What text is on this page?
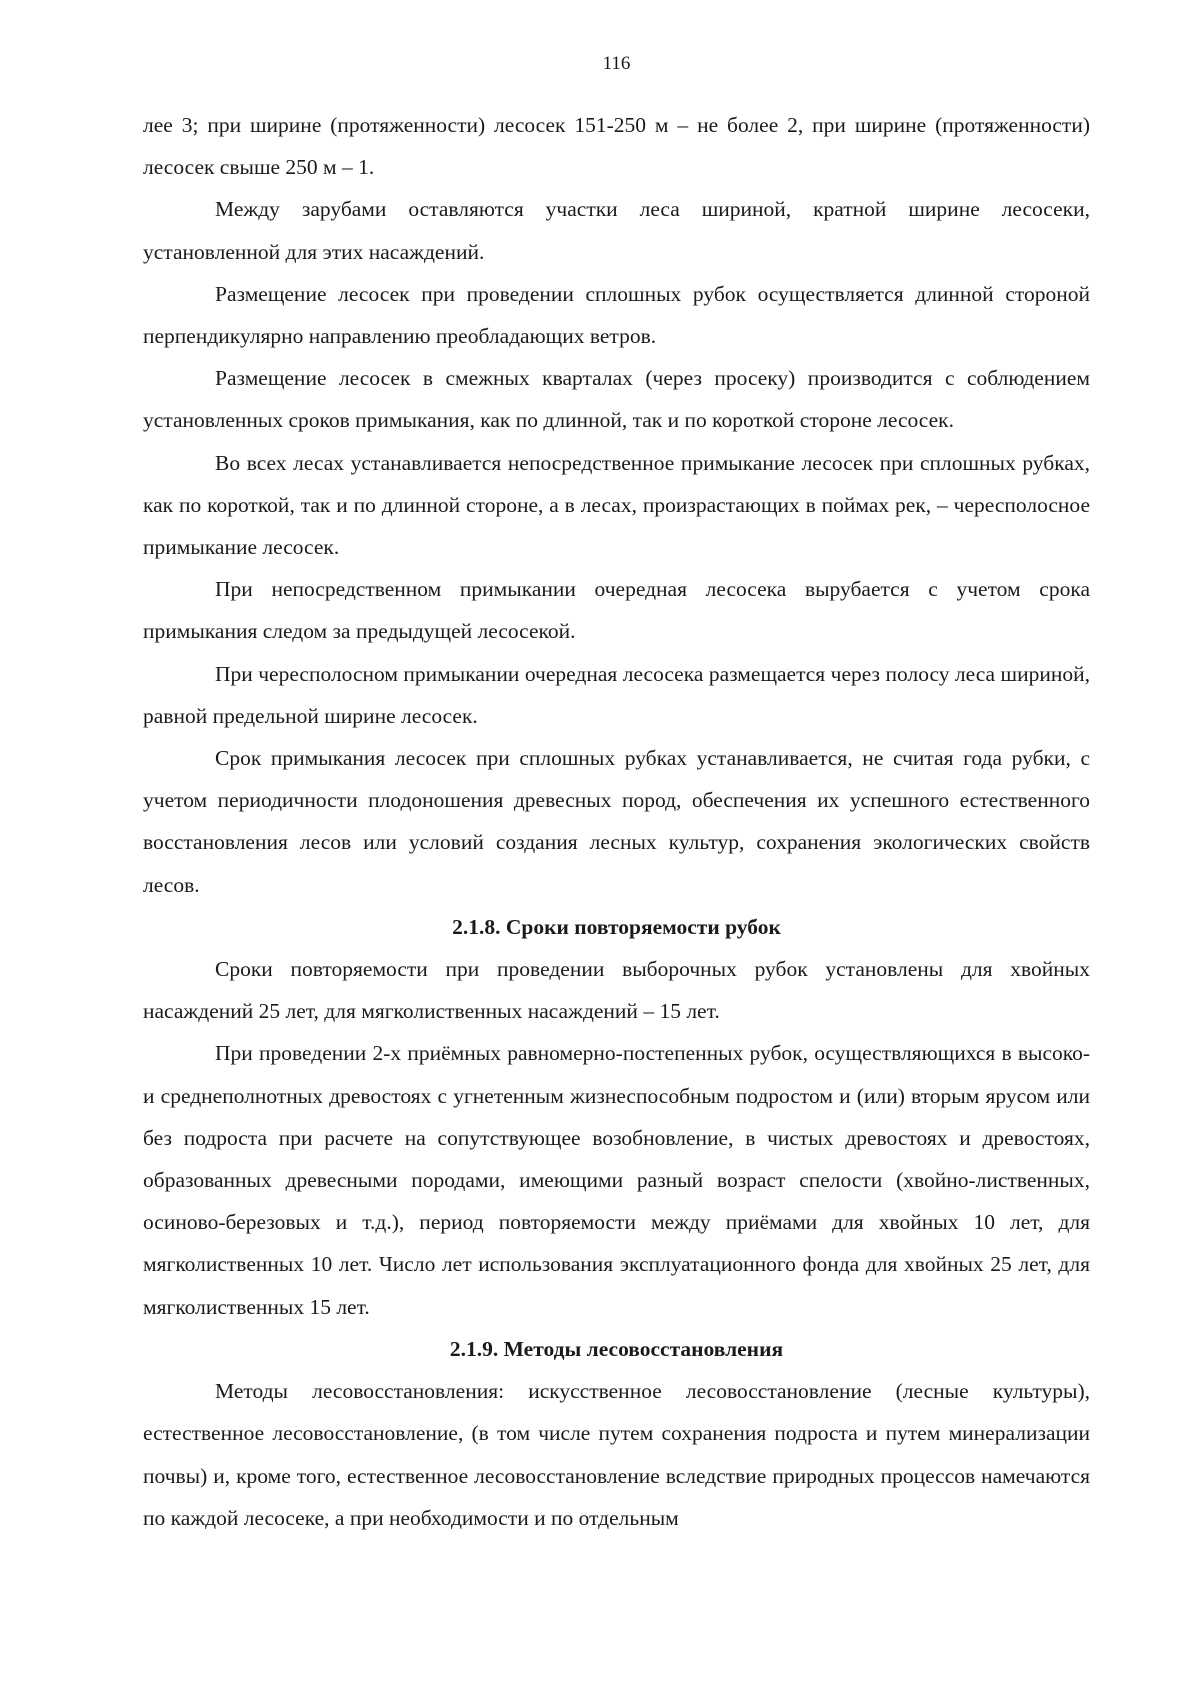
116

лее 3; при ширине (протяженности) лесосек 151-250 м – не более 2, при ширине (протяженности) лесосек свыше 250 м – 1.

Между зарубами оставляются участки леса шириной, кратной ширине лесосеки, установленной для этих насаждений.

Размещение лесосек при проведении сплошных рубок осуществляется длинной стороной перпендикулярно направлению преобладающих ветров.

Размещение лесосек в смежных кварталах (через просеку) производится с соблюдением установленных сроков примыкания, как по длинной, так и по короткой стороне лесосек.

Во всех лесах устанавливается непосредственное примыкание лесосек при сплошных рубках, как по короткой, так и по длинной стороне, а в лесах, произрастающих в поймах рек, – чересполосное примыкание лесосек.

При непосредственном примыкании очередная лесосека вырубается с учетом срока примыкания следом за предыдущей лесосекой.

При чересполосном примыкании очередная лесосека размещается через полосу леса шириной, равной предельной ширине лесосек.

Срок примыкания лесосек при сплошных рубках устанавливается, не считая года рубки, с учетом периодичности плодоношения древесных пород, обеспечения их успешного естественного восстановления лесов или условий создания лесных культур, сохранения экологических свойств лесов.

2.1.8. Сроки повторяемости рубок

Сроки повторяемости при проведении выборочных рубок установлены для хвойных насаждений 25 лет, для мягколиственных насаждений – 15 лет.

При проведении 2-х приёмных равномерно-постепенных рубок, осуществляющихся в высоко- и среднеполнотных древостоях с угнетенным жизнеспособным подростом и (или) вторым ярусом или без подроста при расчете на сопутствующее возобновление, в чистых древостоях и древостоях, образованных древесными породами, имеющими разный возраст спелости (хвойно-лиственных, осиново-березовых и т.д.), период повторяемости между приёмами для хвойных 10 лет, для мягколиственных 10 лет. Число лет использования эксплуатационного фонда для хвойных 25 лет, для мягколиственных 15 лет.

2.1.9. Методы лесовосстановления

Методы лесовосстановления: искусственное лесовосстановление (лесные культуры), естественное лесовосстановление, (в том числе путем сохранения подроста и путем минерализации почвы) и, кроме того, естественное лесовосстановление вследствие природных процессов намечаются по каждой лесосеке, а при необходимости и по отдельным
